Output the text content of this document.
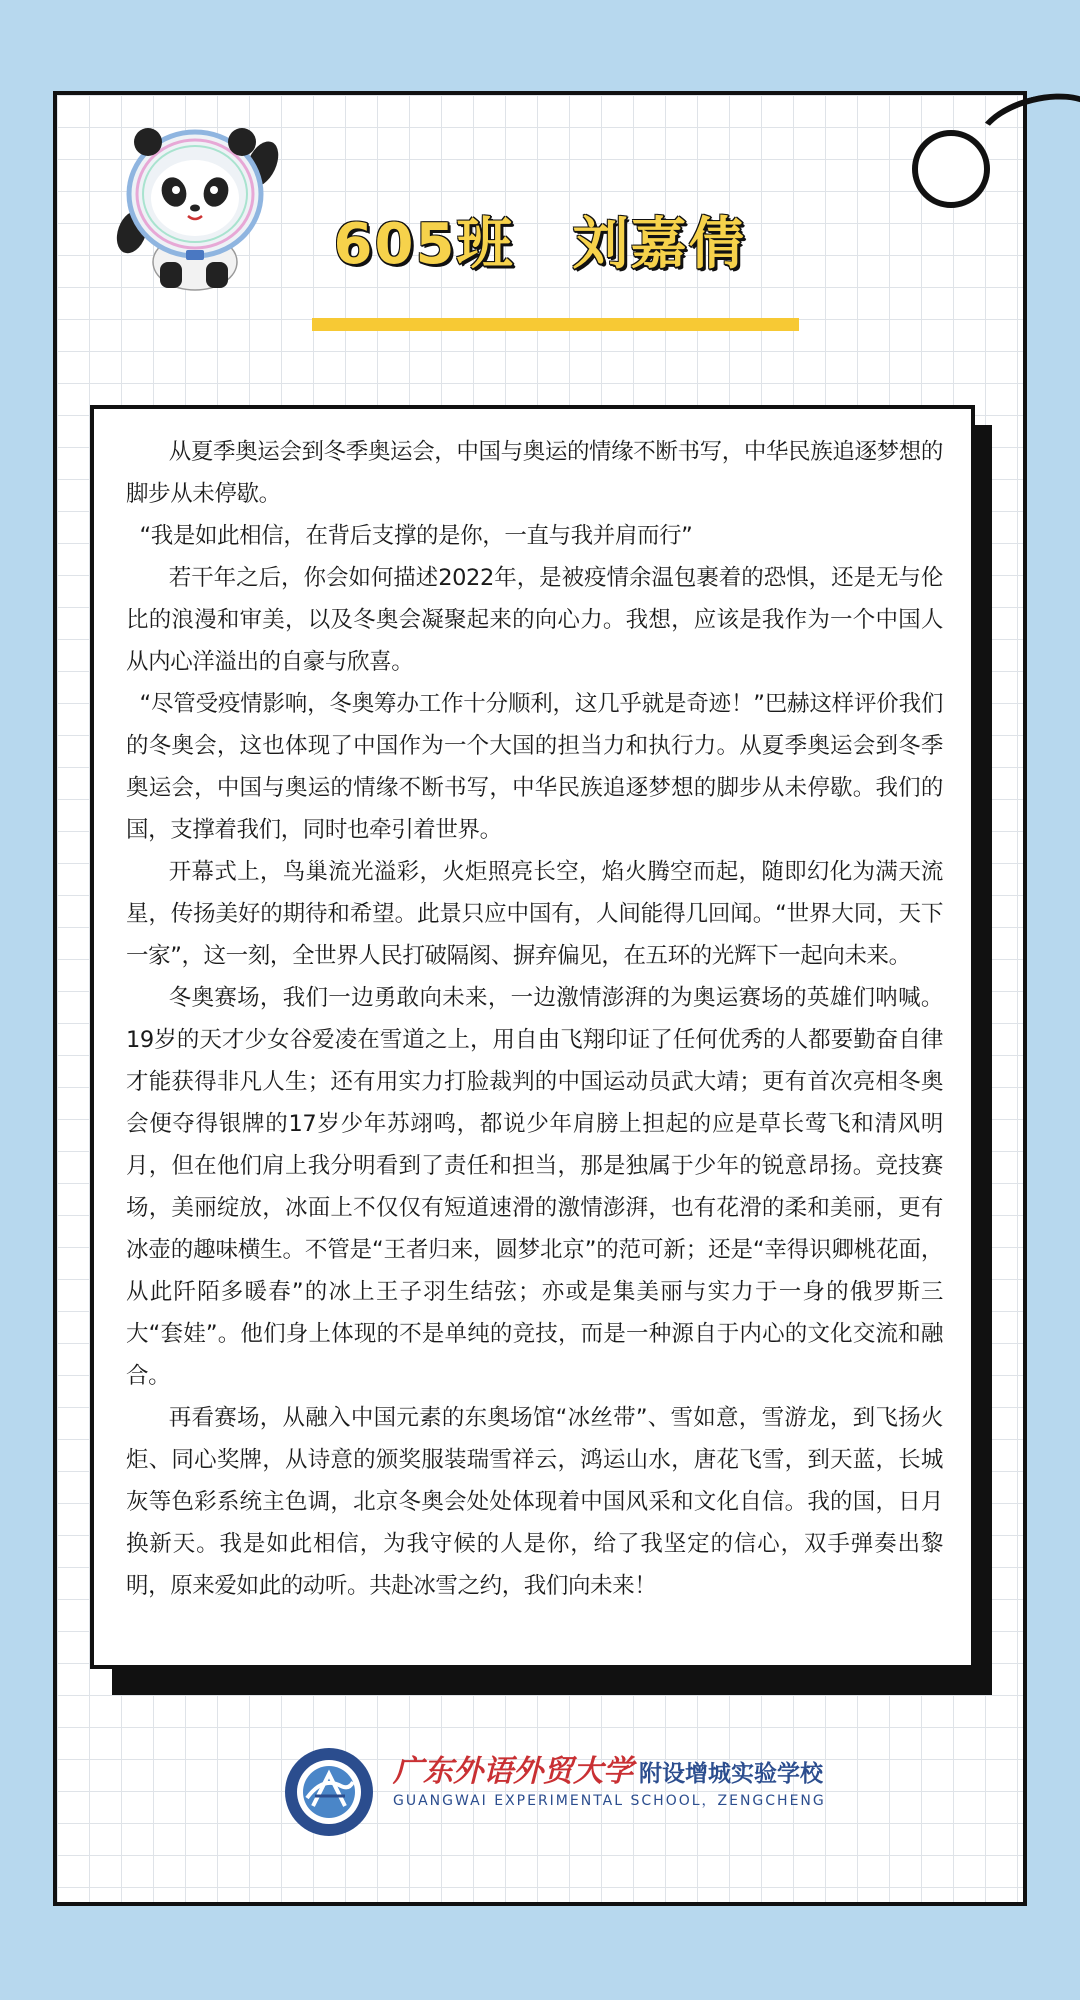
605班　刘嘉倩

从夏季奥运会到冬季奥运会，中国与奥运的情缘不断书写，中华民族追逐梦想的脚步从未停歇。

“我是如此相信，在背后支撑的是你，一直与我并肩而行”

若干年之后，你会如何描述2022年，是被疫情余温包裹着的恐惧，还是无与伦比的浪漫和审美，以及冬奥会凝聚起来的向心力。我想，应该是我作为一个中国人从内心洋溢出的自豪与欣喜。

“尽管受疫情影响，冬奥筹办工作十分顺利，这几乎就是奇迹！”巴赫这样评价我们的冬奥会，这也体现了中国作为一个大国的担当力和执行力。从夏季奥运会到冬季奥运会，中国与奥运的情缘不断书写，中华民族追逐梦想的脚步从未停歇。我们的国，支撑着我们，同时也牵引着世界。

开幕式上，鸟巢流光溢彩，火炬照亮长空，焰火腾空而起，随即幻化为满天流星，传扬美好的期待和希望。此景只应中国有，人间能得几回闻。“世界大同，天下一家”，这一刻，全世界人民打破隔阂、摒弃偏见，在五环的光辉下一起向未来。

冬奥赛场，我们一边勇敢向未来，一边激情澎湃的为奥运赛场的英雄们呐喊。19岁的天才少女谷爱凌在雪道之上，用自由飞翔印证了任何优秀的人都要勤奋自律才能获得非凡人生；还有用实力打脸裁判的中国运动员武大靖；更有首次亮相冬奥会便夺得银牌的17岁少年苏翊鸣，都说少年肩膀上担起的应是草长莺飞和清风明月，但在他们肩上我分明看到了责任和担当，那是独属于少年的锐意昂扬。竞技赛场，美丽绽放，冰面上不仅仅有短道速滑的激情澎湃，也有花滑的柔和美丽，更有冰壶的趣味横生。不管是“王者归来，圆梦北京”的范可新；还是“幸得识卿桃花面，从此阡陌多暖春”的冰上王子羽生结弦；亦或是集美丽与实力于一身的俄罗斯三大“套娃”。他们身上体现的不是单纯的竞技，而是一种源自于内心的文化交流和融合。

再看赛场，从融入中国元素的东奥场馆“冰丝带”、雪如意，雪游龙，到飞扬火炬、同心奖牌，从诗意的颁奖服装瑞雪祥云，鸿运山水，唐花飞雪，到天蓝，长城灰等色彩系统主色调，北京冬奥会处处体现着中国风采和文化自信。我的国，日月换新天。我是如此相信，为我守候的人是你，给了我坚定的信心，双手弹奏出黎明，原来爱如此的动听。共赴冰雪之约，我们向未来！

广东外语外贸大学 附设增城实验学校
GUANGWAI EXPERIMENTAL SCHOOL，ZENGCHENG
